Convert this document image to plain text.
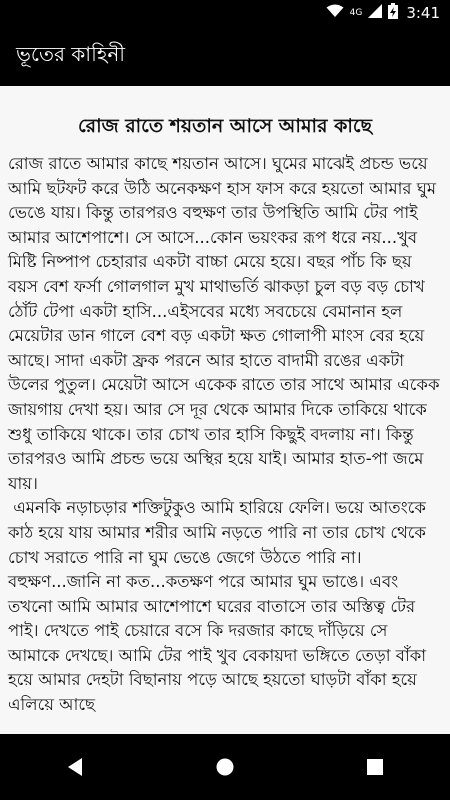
4G	3:41
ভূতের কাহিনী
রোজ রাতে শয়তান আসে আমার কাছে
রোজ রাতে আমার কাছে শয়তান আসে। ঘুমের মাঝেই প্রচন্ড ভয়ে আমি ছটফট করে উঠি অনেকক্ষণ হাস ফাস করে হয়তো আমার ঘুম ভেঙে যায়। কিন্তু তারপরও বহুক্ষণ তার উপস্থিতি আমি টের পাই আমার আশেপাশে। সে আসে...কোন ভয়ংকর রূপ ধরে নয়...খুব মিষ্টি নিষ্পাপ চেহারার একটা বাচ্চা মেয়ে হয়ে। বছর পাঁচ কি ছয় বয়স বেশ ফর্সা গোলগাল মুখ মাথাভর্তি ঝাকড়া চুল বড় বড় চোখ ঠোঁট টেপা একটা হাসি...এইসবের মধ্যে সবচেয়ে বেমানান হল মেয়েটার ডান গালে বেশ বড় একটা ক্ষত গোলাপী মাংস বের হয়ে আছে। সাদা একটা ফ্রক পরনে আর হাতে বাদামী রঙের একটা উলের পুতুল। মেয়েটা আসে একেক রাতে তার সাথে আমার একেক জায়গায় দেখা হয়। আর সে দূর থেকে আমার দিকে তাকিয়ে থাকে শুধু তাকিয়ে থাকে। তার চোখ তার হাসি কিছুই বদলায় না। কিন্তু তারপরও আমি প্রচন্ড ভয়ে অস্থির হয়ে যাই। আমার হাত-পা জমে যায়।
এমনকি নড়াচড়ার শক্তিটুকুও আমি হারিয়ে ফেলি। ভয়ে আতংকে কাঠ হয়ে যায় আমার শরীর আমি নড়তে পারি না তার চোখ থেকে চোখ সরাতে পারি না ঘুম ভেঙে জেগে উঠতে পারি না। বহুক্ষণ...জানি না কত...কতক্ষণ পরে আমার ঘুম ভাঙে। এবং তখনো আমি আমার আশেপাশে ঘরের বাতাসে তার অস্তিত্ব টের পাই। দেখতে পাই চেয়ারে বসে কি দরজার কাছে দাঁড়িয়ে সে আমাকে দেখছে। আমি টের পাই খুব বেকায়দা ভঙ্গিতে তেড়া বাঁকা হয়ে আমার দেহটা বিছানায় পড়ে আছে হয়তো ঘাড়টা বাঁকা হয়ে এলিয়ে আছে
